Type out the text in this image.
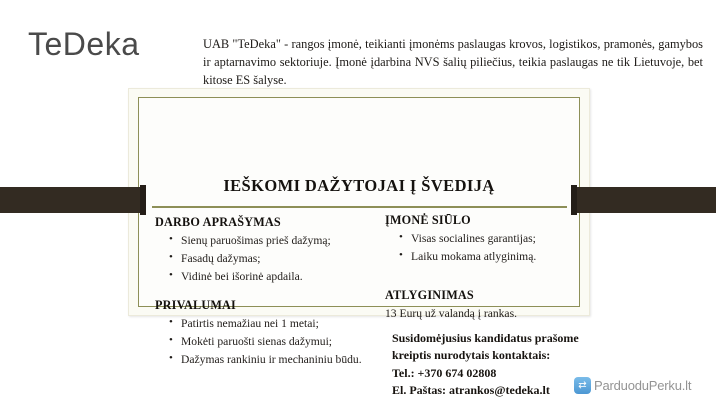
TeDeka	UAB "TeDeka" - rangos įmonė, teikianti įmonėms paslaugas krovos, logistikos, pramonės, gamybos ir aptarnavimo sektoriuje. Įmonė įdarbina NVS šalių piliečius, teikia paslaugas ne tik Lietuvoje, bet kitose ES šalyse.

IEŠKOMI DAŽYTOJAI Į ŠVEDIJĄ
DARBO APRAŠYMAS
• Sienų paruošimas prieš dažymą;
• Fasadų dažymas;
• Vidinė bei išorinė apdaila.
PRIVALUMAI
• Patirtis nemažiau nei 1 metai;
• Mokėti paruošti sienas dažymui;
• Dažymas rankiniu ir mechaniniu būdu.
ĮMONĖ SIŪLO
• Visas socialines garantijas;
• Laiku mokama atlyginimą.
ATLYGINIMAS
13 Eurų už valandą į rankas.
Susidomėjusius kandidatus prašome
kreiptis nurodytais kontaktais:
Tel.: +370 674 02808
El. Paštas: atrankos@tedeka.lt	⇄ ParduoduPerku.lt
